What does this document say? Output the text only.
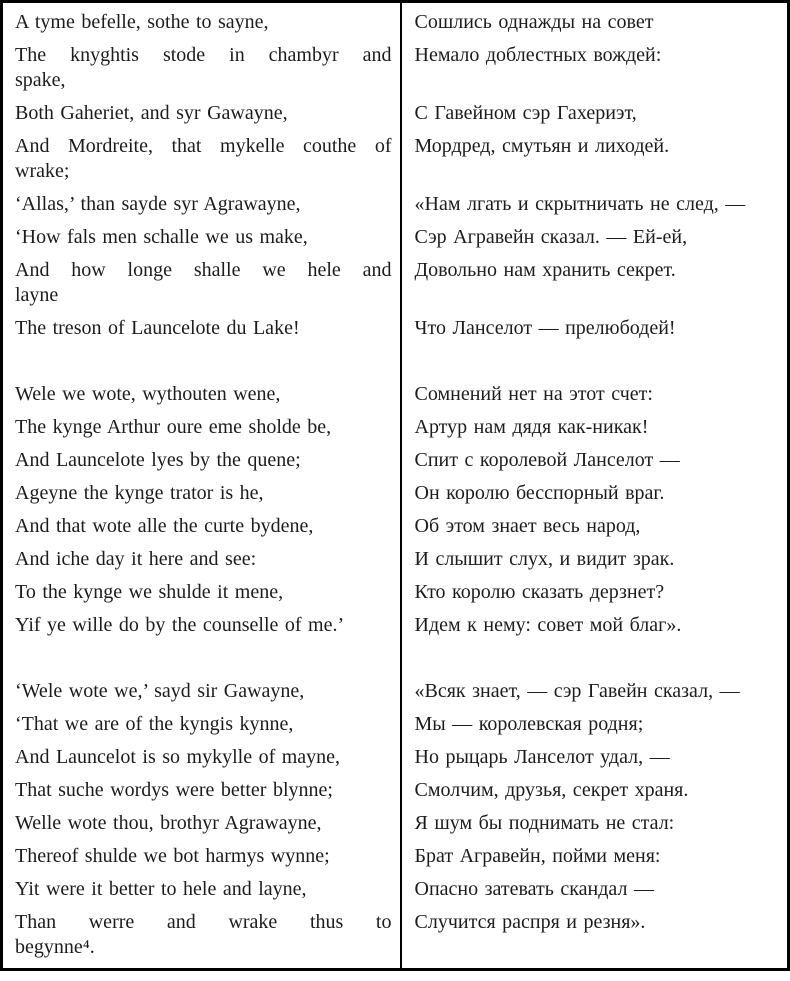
A tyme befelle, sothe to sayne,	Сошлись однажды на совет

The knyghtis stode in chambyr and
spake,	Немало доблестных вождей:

Both Gaheriet, and syr Gawayne,	С Гавейном сэр Гахериэт,

And Mordreite, that mykelle couthe of
wrake;	Мордред, смутьян и лиходей.

‘Allas,’ than sayde syr Agrawayne,	«Нам лгать и скрытничать не след, —

‘How fals men schalle we us make,	Сэр Агравейн сказал. — Ей-ей,

And how longe shalle we hele and
layne	Довольно нам хранить секрет.

The treson of Launcelote du Lake!	Что Ланселот — прелюбодей!

Wele we wote, wythouten wene,	Сомнений нет на этот счет:

The kynge Arthur oure eme sholde be,	Артур нам дядя как-никак!

And Launcelote lyes by the quene;	Спит с королевой Ланселот —

Ageyne the kynge trator is he,	Он королю бесспорный враг.

And that wote alle the curte bydene,	Об этом знает весь народ,

And iche day it here and see:	И слышит слух, и видит зрак.

To the kynge we shulde it mene,	Кто королю сказать дерзнет?

Yif ye wille do by the counselle of me.’	Идем к нему: совет мой благ».

‘Wele wote we,’ sayd sir Gawayne,	«Всяк знает, — сэр Гавейн сказал, —

‘That we are of the kyngis kynne,	Мы — королевская родня;

And Launcelot is so mykylle of mayne,	Но рыцарь Ланселот удал, —

That suche wordys were better blynne;	Смолчим, друзья, секрет храня.

Welle wote thou, brothyr Agrawayne,	Я шум бы поднимать не стал:

Thereof shulde we bot harmys wynne;	Брат Агравейн, пойми меня:

Yit were it better to hele and layne,	Опасно затевать скандал —

Than werre and wrake thus to
begynne⁴.	Случится распря и резня».
